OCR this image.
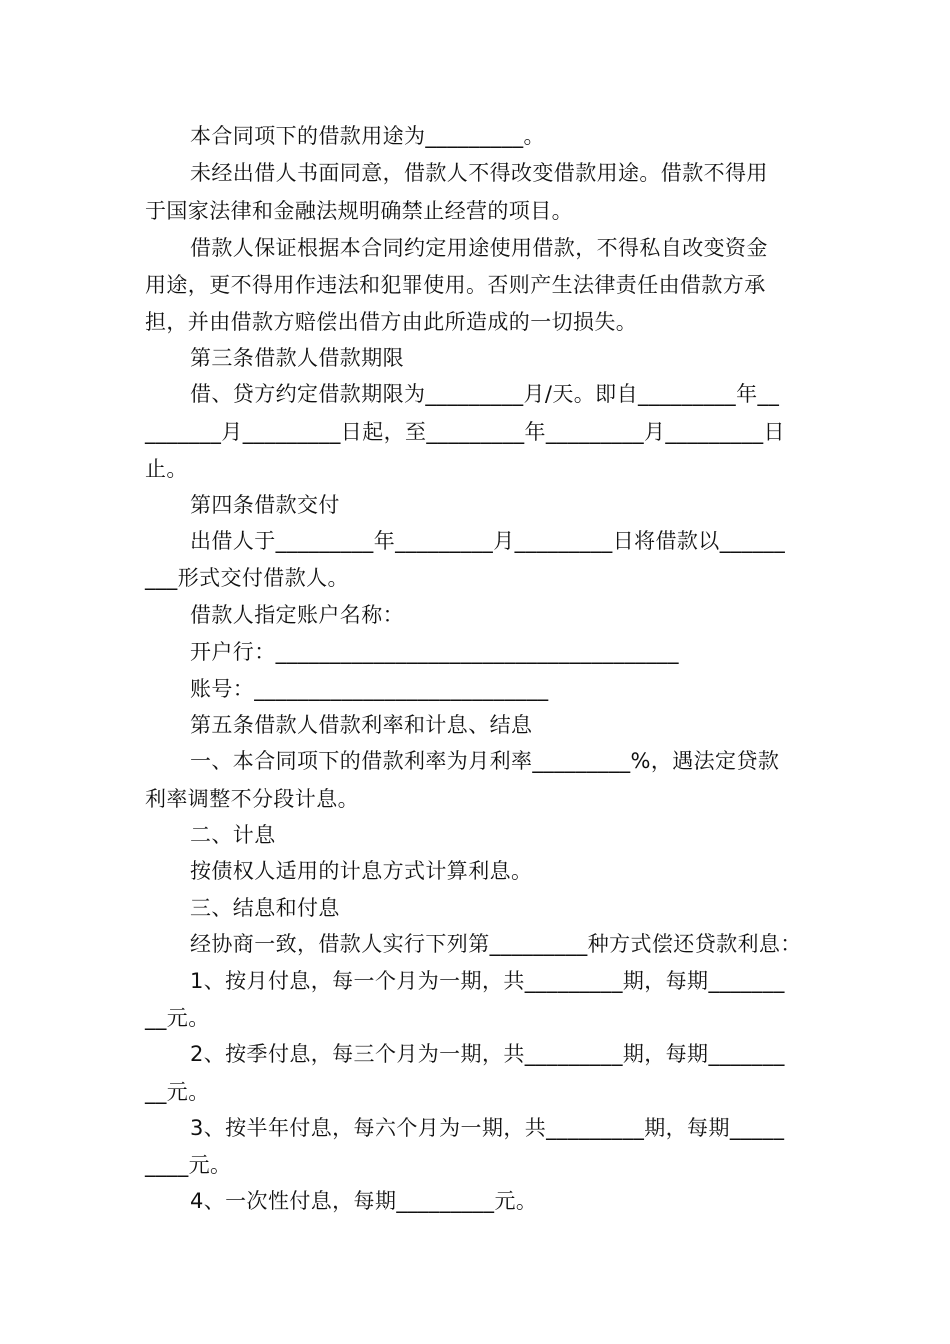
本合同项下的借款用途为_________。
未经出借人书面同意，借款人不得改变借款用途。借款不得用
于国家法律和金融法规明确禁止经营的项目。
借款人保证根据本合同约定用途使用借款，不得私自改变资金
用途，更不得用作违法和犯罪使用。否则产生法律责任由借款方承
担，并由借款方赔偿出借方由此所造成的一切损失。
第三条借款人借款期限
借、贷方约定借款期限为_________月/天。即自_________年__
_______月_________日起，至_________年_________月_________日
止。
第四条借款交付
出借人于_________年_________月_________日将借款以______
___形式交付借款人。
借款人指定账户名称：
开户行：_____________________________________
账号：___________________________
第五条借款人借款利率和计息、结息
一、本合同项下的借款利率为月利率_________%，遇法定贷款
利率调整不分段计息。
二、计息
按债权人适用的计息方式计算利息。
三、结息和付息
经协商一致，借款人实行下列第_________种方式偿还贷款利息：
1、按月付息，每一个月为一期，共_________期，每期_______
__元。
2、按季付息，每三个月为一期，共_________期，每期_______
__元。
3、按半年付息，每六个月为一期，共_________期，每期_____
____元。
4、一次性付息，每期_________元。
